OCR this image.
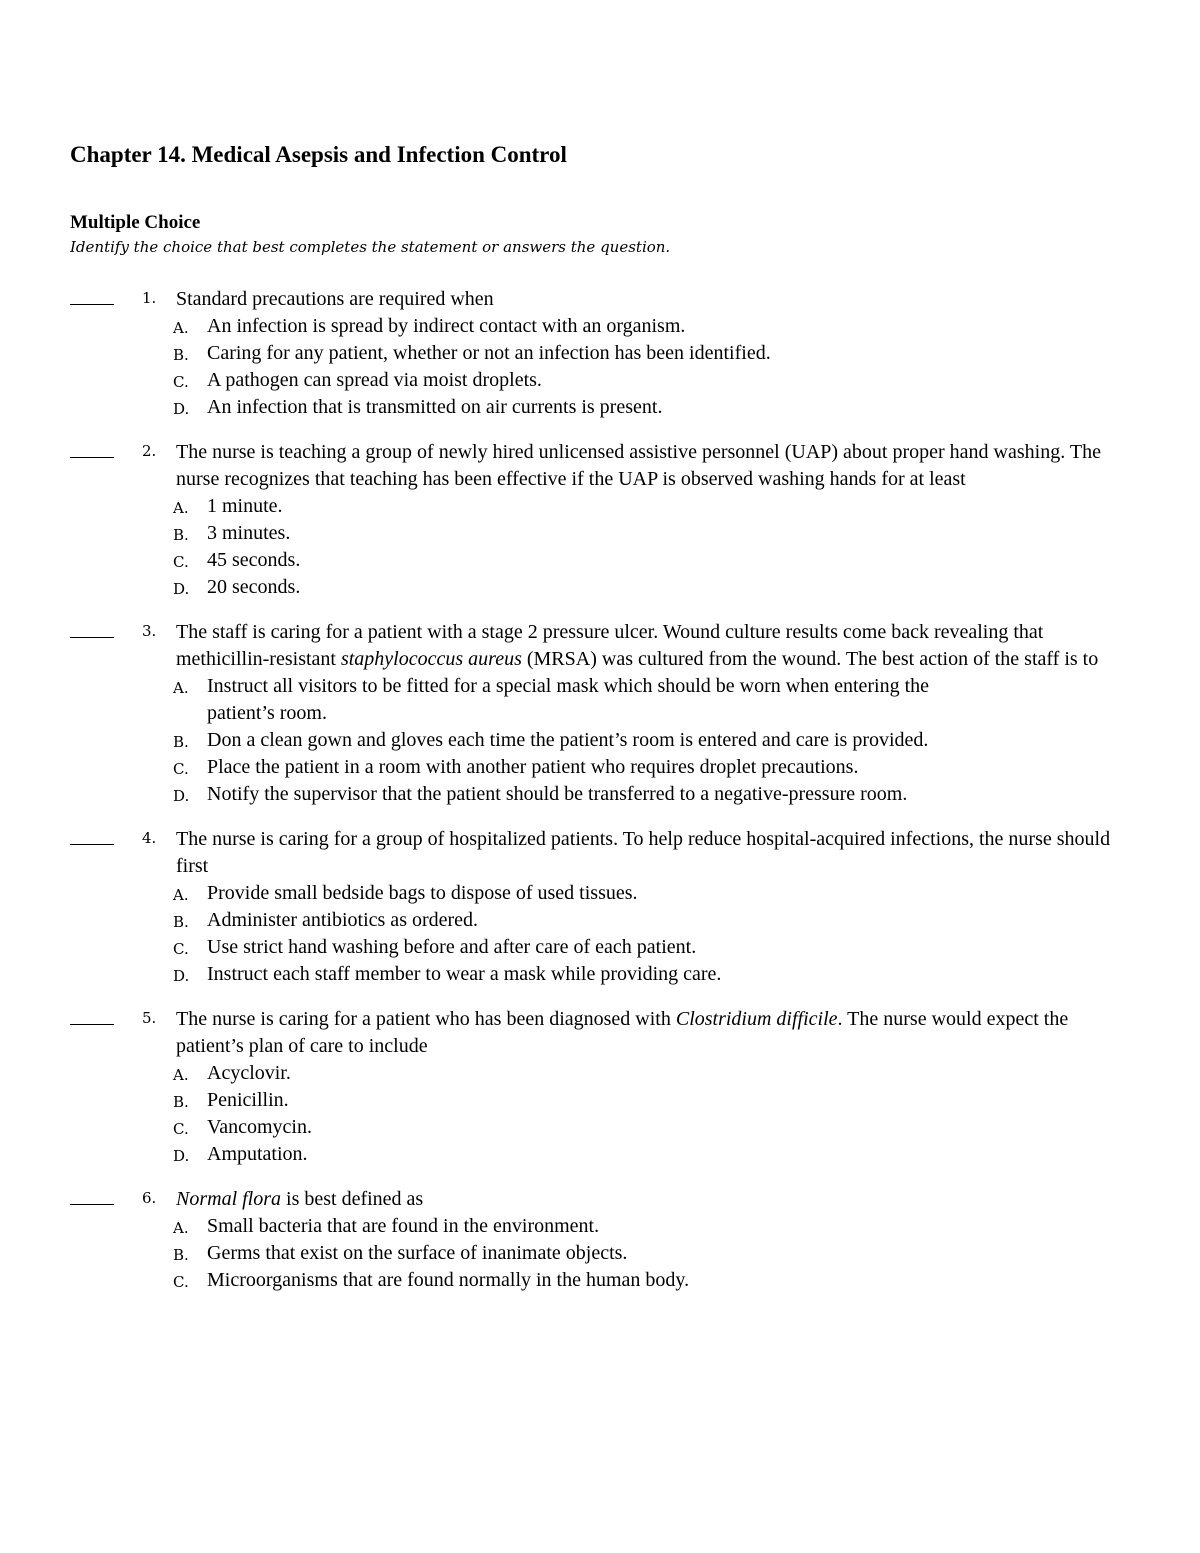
Chapter 14. Medical Asepsis and Infection Control
Multiple Choice
Identify the choice that best completes the statement or answers the question.
1. Standard precautions are required when
A. An infection is spread by indirect contact with an organism.
B. Caring for any patient, whether or not an infection has been identified.
C. A pathogen can spread via moist droplets.
D. An infection that is transmitted on air currents is present.
2. The nurse is teaching a group of newly hired unlicensed assistive personnel (UAP) about proper hand washing. The nurse recognizes that teaching has been effective if the UAP is observed washing hands for at least
A. 1 minute.
B. 3 minutes.
C. 45 seconds.
D. 20 seconds.
3. The staff is caring for a patient with a stage 2 pressure ulcer. Wound culture results come back revealing that methicillin-resistant staphylococcus aureus (MRSA) was cultured from the wound. The best action of the staff is to
A. Instruct all visitors to be fitted for a special mask which should be worn when entering the patient’s room.
B. Don a clean gown and gloves each time the patient’s room is entered and care is provided.
C. Place the patient in a room with another patient who requires droplet precautions.
D. Notify the supervisor that the patient should be transferred to a negative-pressure room.
4. The nurse is caring for a group of hospitalized patients. To help reduce hospital-acquired infections, the nurse should first
A. Provide small bedside bags to dispose of used tissues.
B. Administer antibiotics as ordered.
C. Use strict hand washing before and after care of each patient.
D. Instruct each staff member to wear a mask while providing care.
5. The nurse is caring for a patient who has been diagnosed with Clostridium difficile. The nurse would expect the patient’s plan of care to include
A. Acyclovir.
B. Penicillin.
C. Vancomycin.
D. Amputation.
6. Normal flora is best defined as
A. Small bacteria that are found in the environment.
B. Germs that exist on the surface of inanimate objects.
C. Microorganisms that are found normally in the human body.
